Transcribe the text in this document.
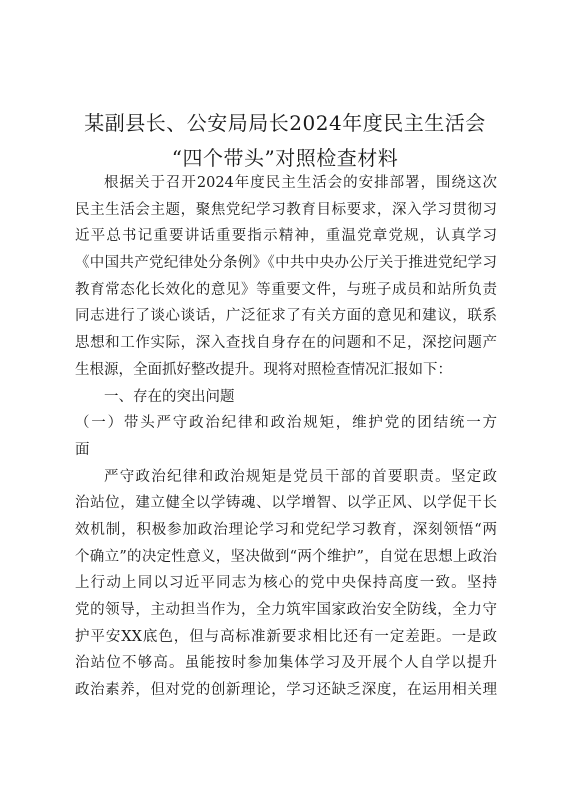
某副县长、公安局局长2024年度民主生活会
“四个带头”对照检查材料
根据关于召开2024年度民主生活会的安排部署，围绕这次
民主生活会主题，聚焦党纪学习教育目标要求，深入学习贯彻习
近平总书记重要讲话重要指示精神，重温党章党规，认真学习
《中国共产党纪律处分条例》《中共中央办公厅关于推进党纪学习
教育常态化长效化的意见》等重要文件，与班子成员和站所负责
同志进行了谈心谈话，广泛征求了有关方面的意见和建议，联系
思想和工作实际，深入查找自身存在的问题和不足，深挖问题产
生根源，全面抓好整改提升。现将对照检查情况汇报如下：
一、存在的突出问题
（一）带头严守政治纪律和政治规矩，维护党的团结统一方
面
严守政治纪律和政治规矩是党员干部的首要职责。坚定政
治站位，建立健全以学铸魂、以学增智、以学正风、以学促干长
效机制，积极参加政治理论学习和党纪学习教育，深刻领悟“两
个确立”的决定性意义，坚决做到“两个维护”，自觉在思想上政治
上行动上同以习近平同志为核心的党中央保持高度一致。坚持
党的领导，主动担当作为，全力筑牢国家政治安全防线，全力守
护平安XX底色，但与高标准新要求相比还有一定差距。一是政
治站位不够高。虽能按时参加集体学习及开展个人自学以提升
政治素养，但对党的创新理论，学习还缺乏深度，在运用相关理
